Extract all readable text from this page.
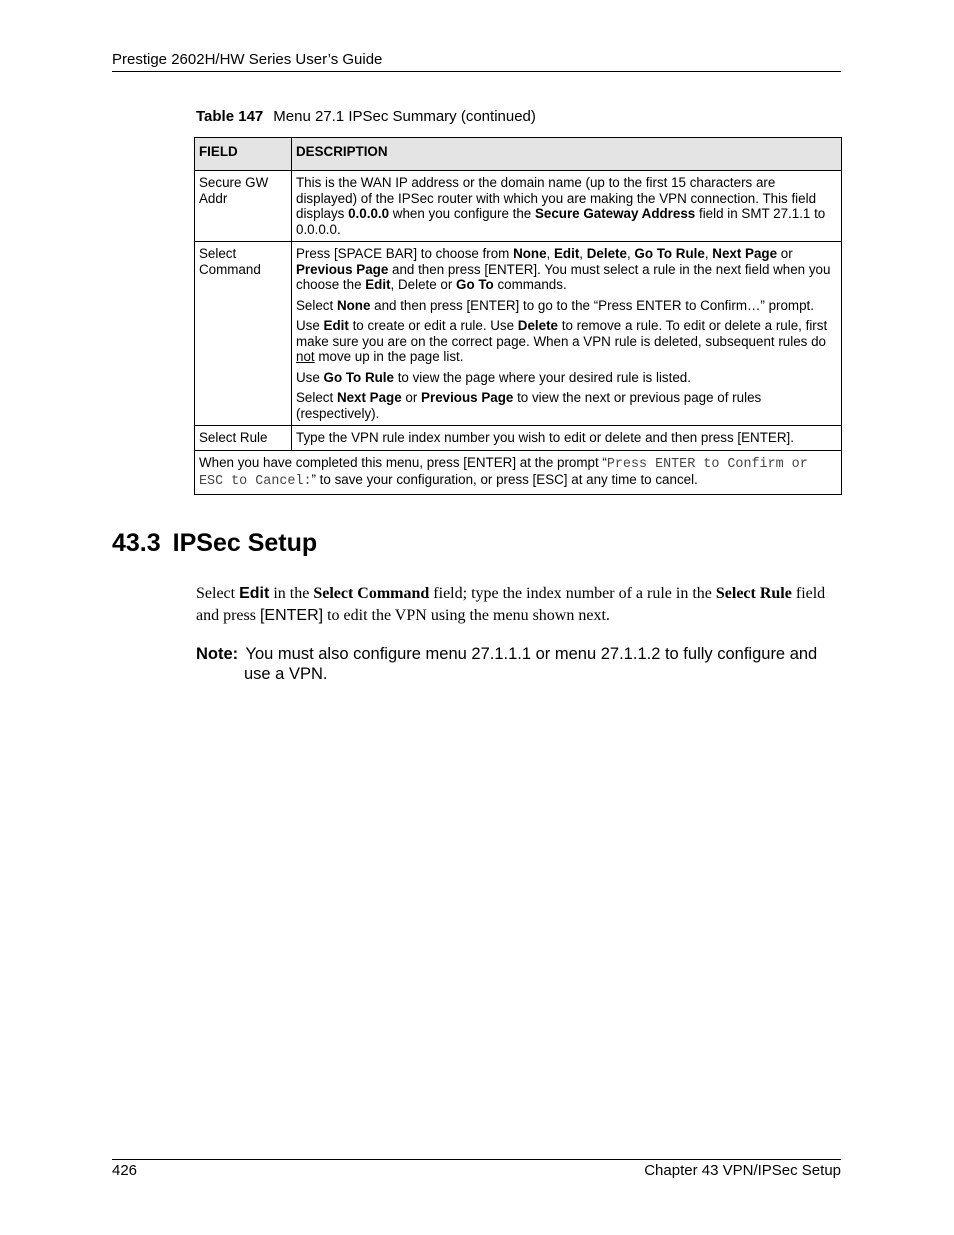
Prestige 2602H/HW Series User’s Guide
Table 147 Menu 27.1 IPSec Summary (continued)
FIELD	DESCRIPTION
Secure GW Addr	This is the WAN IP address or the domain name (up to the first 15 characters are displayed) of the IPSec router with which you are making the VPN connection. This field displays 0.0.0.0 when you configure the Secure Gateway Address field in SMT 27.1.1 to 0.0.0.0.

Select Command	Press [SPACE BAR] to choose from None, Edit, Delete, Go To Rule, Next Page or Previous Page and then press [ENTER]. You must select a rule in the next field when you choose the Edit, Delete or Go To commands.

Select None and then press [ENTER] to go to the “Press ENTER to Confirm…” prompt.

Use Edit to create or edit a rule. Use Delete to remove a rule. To edit or delete a rule, first make sure you are on the correct page. When a VPN rule is deleted, subsequent rules do not move up in the page list.

Use Go To Rule to view the page where your desired rule is listed.

Select Next Page or Previous Page to view the next or previous page of rules (respectively).

Select Rule	Type the VPN rule index number you wish to edit or delete and then press [ENTER].

When you have completed this menu, press [ENTER] at the prompt “Press ENTER to Confirm or ESC to Cancel:” to save your configuration, or press [ESC] at any time to cancel.	
43.3 IPSec Setup
Select Edit in the Select Command field; type the index number of a rule in the Select Rule field and press [ENTER] to edit the VPN using the menu shown next.
Note: You must also configure menu 27.1.1.1 or menu 27.1.1.2 to fully configure and use a VPN.
426	Chapter 43 VPN/IPSec Setup
